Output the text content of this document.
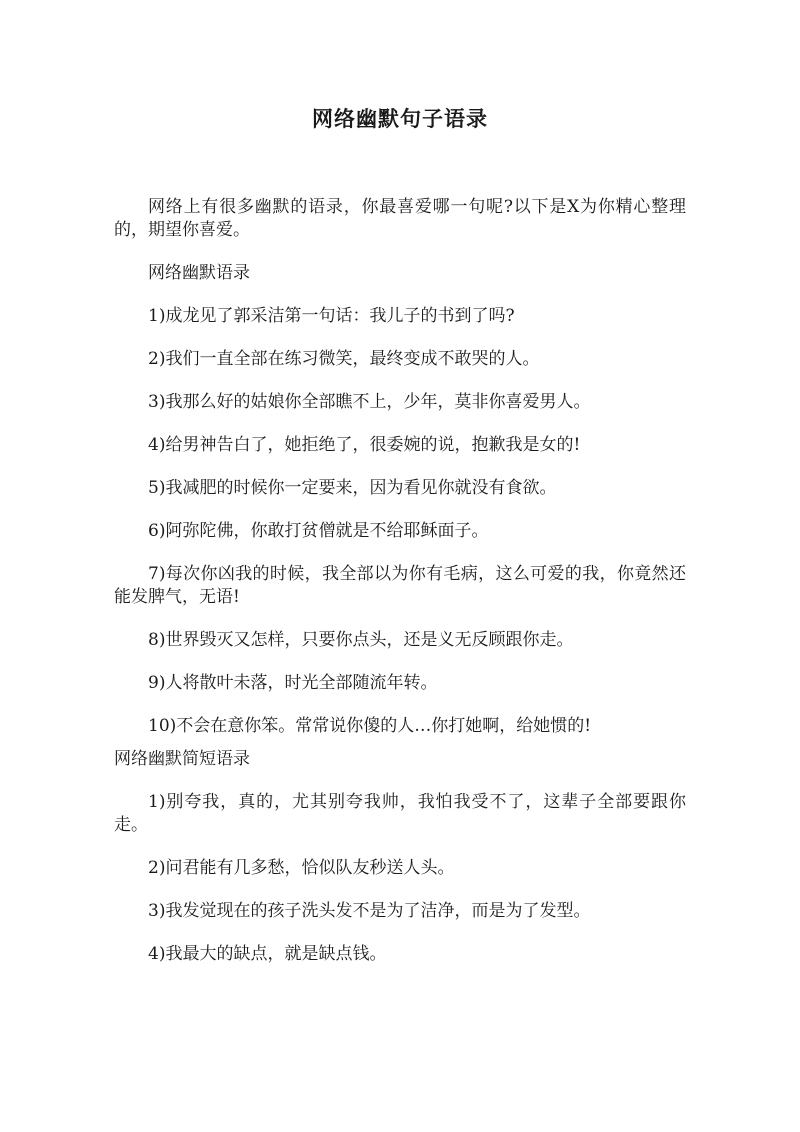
网络幽默句子语录

网络上有很多幽默的语录，你最喜爱哪一句呢?以下是X为你精心整理的，期望你喜爱。

网络幽默语录

1)成龙见了郭采洁第一句话：我儿子的书到了吗?

2)我们一直全部在练习微笑，最终变成不敢哭的人。

3)我那么好的姑娘你全部瞧不上，少年，莫非你喜爱男人。

4)给男神告白了，她拒绝了，很委婉的说，抱歉我是女的!

5)我减肥的时候你一定要来，因为看见你就没有食欲。

6)阿弥陀佛，你敢打贫僧就是不给耶稣面子。

7)每次你凶我的时候，我全部以为你有毛病，这么可爱的我，你竟然还能发脾气，无语!

8)世界毁灭又怎样，只要你点头，还是义无反顾跟你走。

9)人将散叶未落，时光全部随流年转。

10)不会在意你笨。常常说你傻的人…你打她啊，给她惯的!

网络幽默简短语录

1)别夸我，真的，尤其别夸我帅，我怕我受不了，这辈子全部要跟你走。

2)问君能有几多愁，恰似队友秒送人头。

3)我发觉现在的孩子洗头发不是为了洁净，而是为了发型。

4)我最大的缺点，就是缺点钱。
